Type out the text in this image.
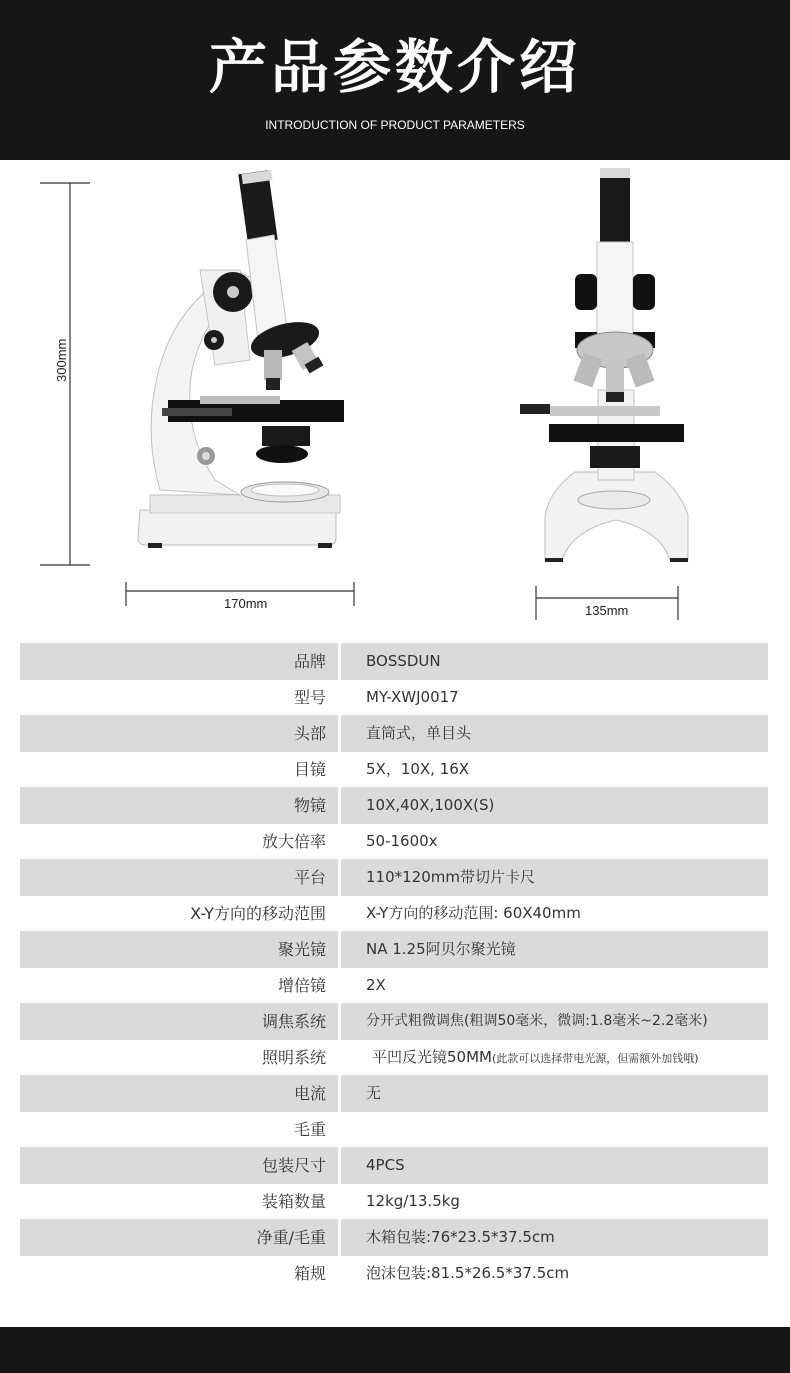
产品参数介绍
INTRODUCTION OF PRODUCT PARAMETERS
300mm
170mm	135mm
品牌	BOSSDUN
型号	MY-XWJ0017
头部	直筒式，单目头
目镜	5X，10X, 16X
物镜	10X,40X,100X(S)
放大倍率	50-1600x
平台	110*120mm带切片卡尺
X-Y方向的移动范围	X-Y方向的移动范围: 60X40mm
聚光镜	NA 1.25阿贝尔聚光镜
增倍镜	2X
调焦系统	分开式粗微调焦(粗调50毫米，微调:1.8毫米~2.2毫米)
照明系统	平凹反光镜50MM(此款可以选择带电光源，但需额外加钱哦)
电流	无
毛重
包装尺寸	4PCS
装箱数量	12kg/13.5kg
净重/毛重	木箱包装:76*23.5*37.5cm
箱规	泡沫包装:81.5*26.5*37.5cm
